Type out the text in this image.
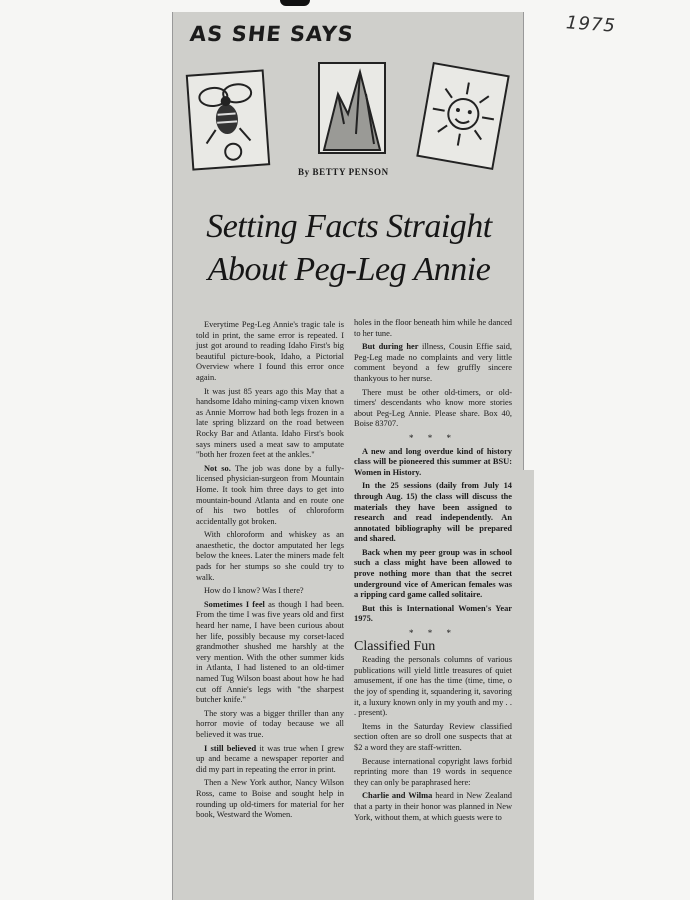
1975
AS SHE SAYS
By BETTY PENSON
Setting Facts Straight
About Peg-Leg Annie

Everytime Peg-Leg Annie's tragic tale is told in print, the same error is repeated. I just got around to reading Idaho First's big beautiful picture-book, Idaho, a Pictorial Overview where I found this error once again.

It was just 85 years ago this May that a handsome Idaho mining-camp vixen known as Annie Morrow had both legs frozen in a late spring blizzard on the road between Rocky Bar and Atlanta. Idaho First's book says miners used a meat saw to amputate "both her frozen feet at the ankles."

Not so. The job was done by a fully-licensed physician-surgeon from Mountain Home. It took him three days to get into mountain-bound Atlanta and en route one of his two bottles of chloroform accidentally got broken.

With chloroform and whiskey as an anaesthetic, the doctor amputated her legs below the knees. Later the miners made felt pads for her stumps so she could try to walk.

How do I know? Was I there?

Sometimes I feel as though I had been. From the time I was five years old and first heard her name, I have been curious about her life, possibly because my corset-laced grandmother shushed me harshly at the very mention. With the other summer kids in Atlanta, I had listened to an old-timer named Tug Wilson boast about how he had cut off Annie's legs with "the sharpest butcher knife."

The story was a bigger thriller than any horror movie of today because we all believed it was true.

I still believed it was true when I grew up and became a newspaper reporter and did my part in repeating the error in print.

Then a New York author, Nancy Wilson Ross, came to Boise and sought help in rounding up old-timers for material for her book, Westward the Women.

holes in the floor beneath him while he danced to her tune.

But during her illness, Cousin Effie said, Peg-Leg made no complaints and very little comment beyond a few gruffly sincere thankyous to her nurse.

There must be other old-timers, or old-timers' descendants who know more stories about Peg-Leg Annie. Please share. Box 40, Boise 83707.

* * *

A new and long overdue kind of history class will be pioneered this summer at BSU: Women in History.

In the 25 sessions (daily from July 14 through Aug. 15) the class will discuss the materials they have been assigned to research and read independently. An annotated bibliography will be prepared and shared.

Back when my peer group was in school such a class might have been allowed to prove nothing more than that the secret underground vice of American females was a ripping card game called solitaire.

But this is International Women's Year 1975.

* * *

Classified Fun

Reading the personals columns of various publications will yield little treasures of quiet amusement, if one has the time (time, time, o the joy of spending it, squandering it, savoring it, a luxury known only in my youth and my . . . present).

Items in the Saturday Review classified section often are so droll one suspects that at $2 a word they are staff-written.

Because international copyright laws forbid reprinting more than 19 words in sequence they can only be paraphrased here:

Charlie and Wilma heard in New Zealand that a party in their honor was planned in New York, without them, at which guests were to
